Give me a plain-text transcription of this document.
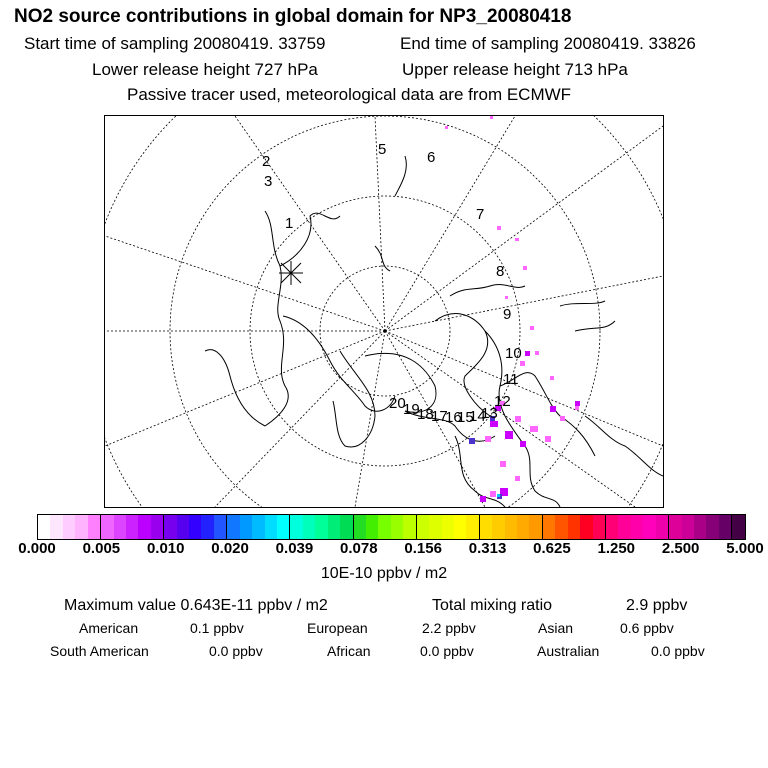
NO2 source contributions in global domain for NP3_20080418
Start time of sampling 20080419. 33759	End time of sampling 20080419. 33826
Lower release height 727 hPa	Upper release height 713 hPa
Passive tracer used, meteorological data are from ECMWF
1
2
3
5	6
7
8
9
10
11
12
13
14
15
16
17
18
19
20
0.000 0.005 0.010 0.020 0.039 0.078 0.156 0.313 0.625 1.250 2.500 5.000
10E-10 ppbv / m2
Maximum value 0.643E-11 ppbv / m2	Total mixing ratio	2.9 ppbv
American	0.1 ppbv	European	2.2 ppbv	Asian	0.6 ppbv
South American	0.0 ppbv	African	0.0 ppbv	Australian	0.0 ppbv
